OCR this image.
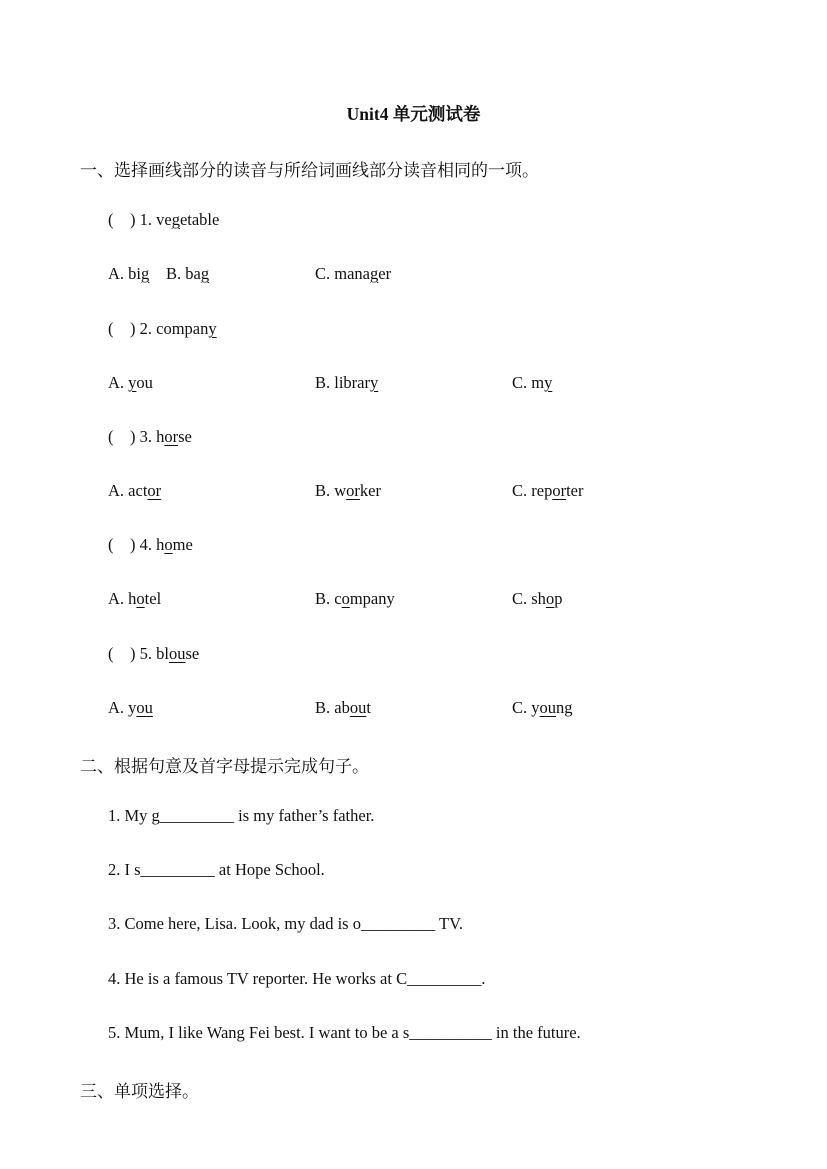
Unit4 单元测试卷
一、选择画线部分的读音与所给词画线部分读音相同的一项。
(    ) 1. vegetable
A. big B. bag	C. manager
(    ) 2. company
A. you	B. library	C. my
(    ) 3. horse
A. actor	B. worker	C. reporter
(    ) 4. home
A. hotel	B. company	C. shop
(    ) 5. blouse
A. you	B. about	C. young
二、根据句意及首字母提示完成句子。
1. My g_________ is my father’s father.
2. I s_________ at Hope School.
3. Come here, Lisa. Look, my dad is o_________ TV.
4. He is a famous TV reporter. He works at C_________.
5. Mum, I like Wang Fei best. I want to be a s__________ in the future.
三、单项选择。
